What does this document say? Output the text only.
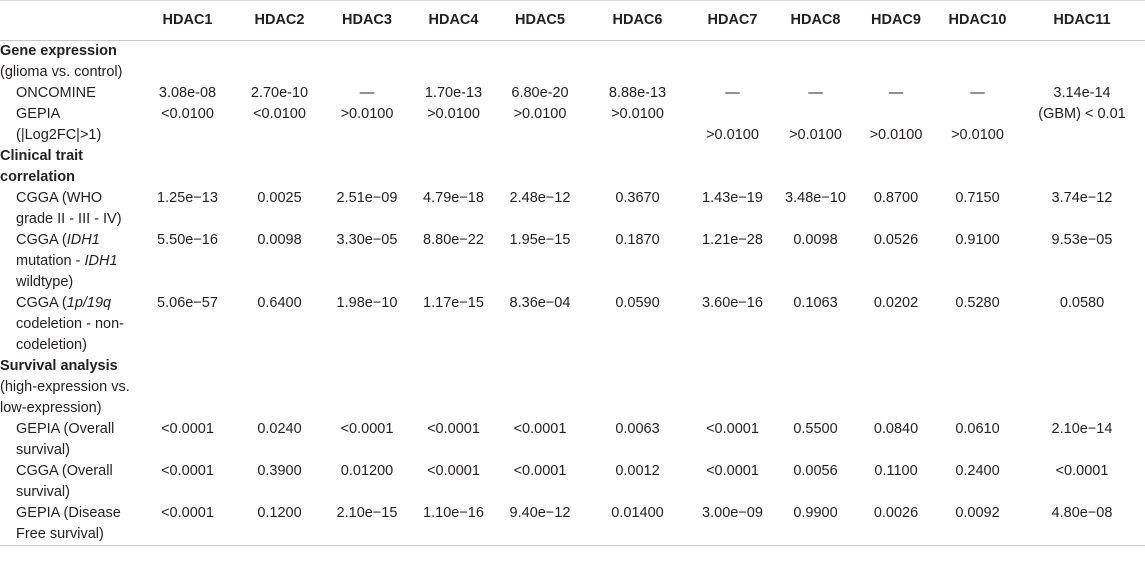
	HDAC1	HDAC2	HDAC3	HDAC4	HDAC5	HDAC6	HDAC7	HDAC8	HDAC9	HDAC10	HDAC11

Gene expression
(glioma vs. control)											

ONCOMINE	3.08e-08	2.70e-10	—	1.70e-13	6.80e-20	8.88e-13	—	—	—	—	3.14e-14

GEPIA
(|Log2FC|>1)	<0.0100	<0.0100	>0.0100	>0.0100	>0.0100	>0.0100	>0.0100	>0.0100	>0.0100	>0.0100	(GBM) < 0.01

Clinical trait
correlation											

CGGA (WHO
grade II - III - IV)	1.25e−13	0.0025	2.51e−09	4.79e−18	2.48e−12	0.3670	1.43e−19	3.48e−10	0.8700	0.7150	3.74e−12

CGGA (IDH1
mutation - IDH1
wildtype)	5.50e−16	0.0098	3.30e−05	8.80e−22	1.95e−15	0.1870	1.21e−28	0.0098	0.0526	0.9100	9.53e−05

CGGA (1p/19q
codeletion - non-
codeletion)	5.06e−57	0.6400	1.98e−10	1.17e−15	8.36e−04	0.0590	3.60e−16	0.1063	0.0202	0.5280	0.0580

Survival analysis
(high-expression vs.
low-expression)											

GEPIA (Overall
survival)	<0.0001	0.0240	<0.0001	<0.0001	<0.0001	0.0063	<0.0001	0.5500	0.0840	0.0610	2.10e−14

CGGA (Overall
survival)	<0.0001	0.3900	0.01200	<0.0001	<0.0001	0.0012	<0.0001	0.0056	0.1100	0.2400	<0.0001

GEPIA (Disease
Free survival)	<0.0001	0.1200	2.10e−15	1.10e−16	9.40e−12	0.01400	3.00e−09	0.9900	0.0026	0.0092	4.80e−08
